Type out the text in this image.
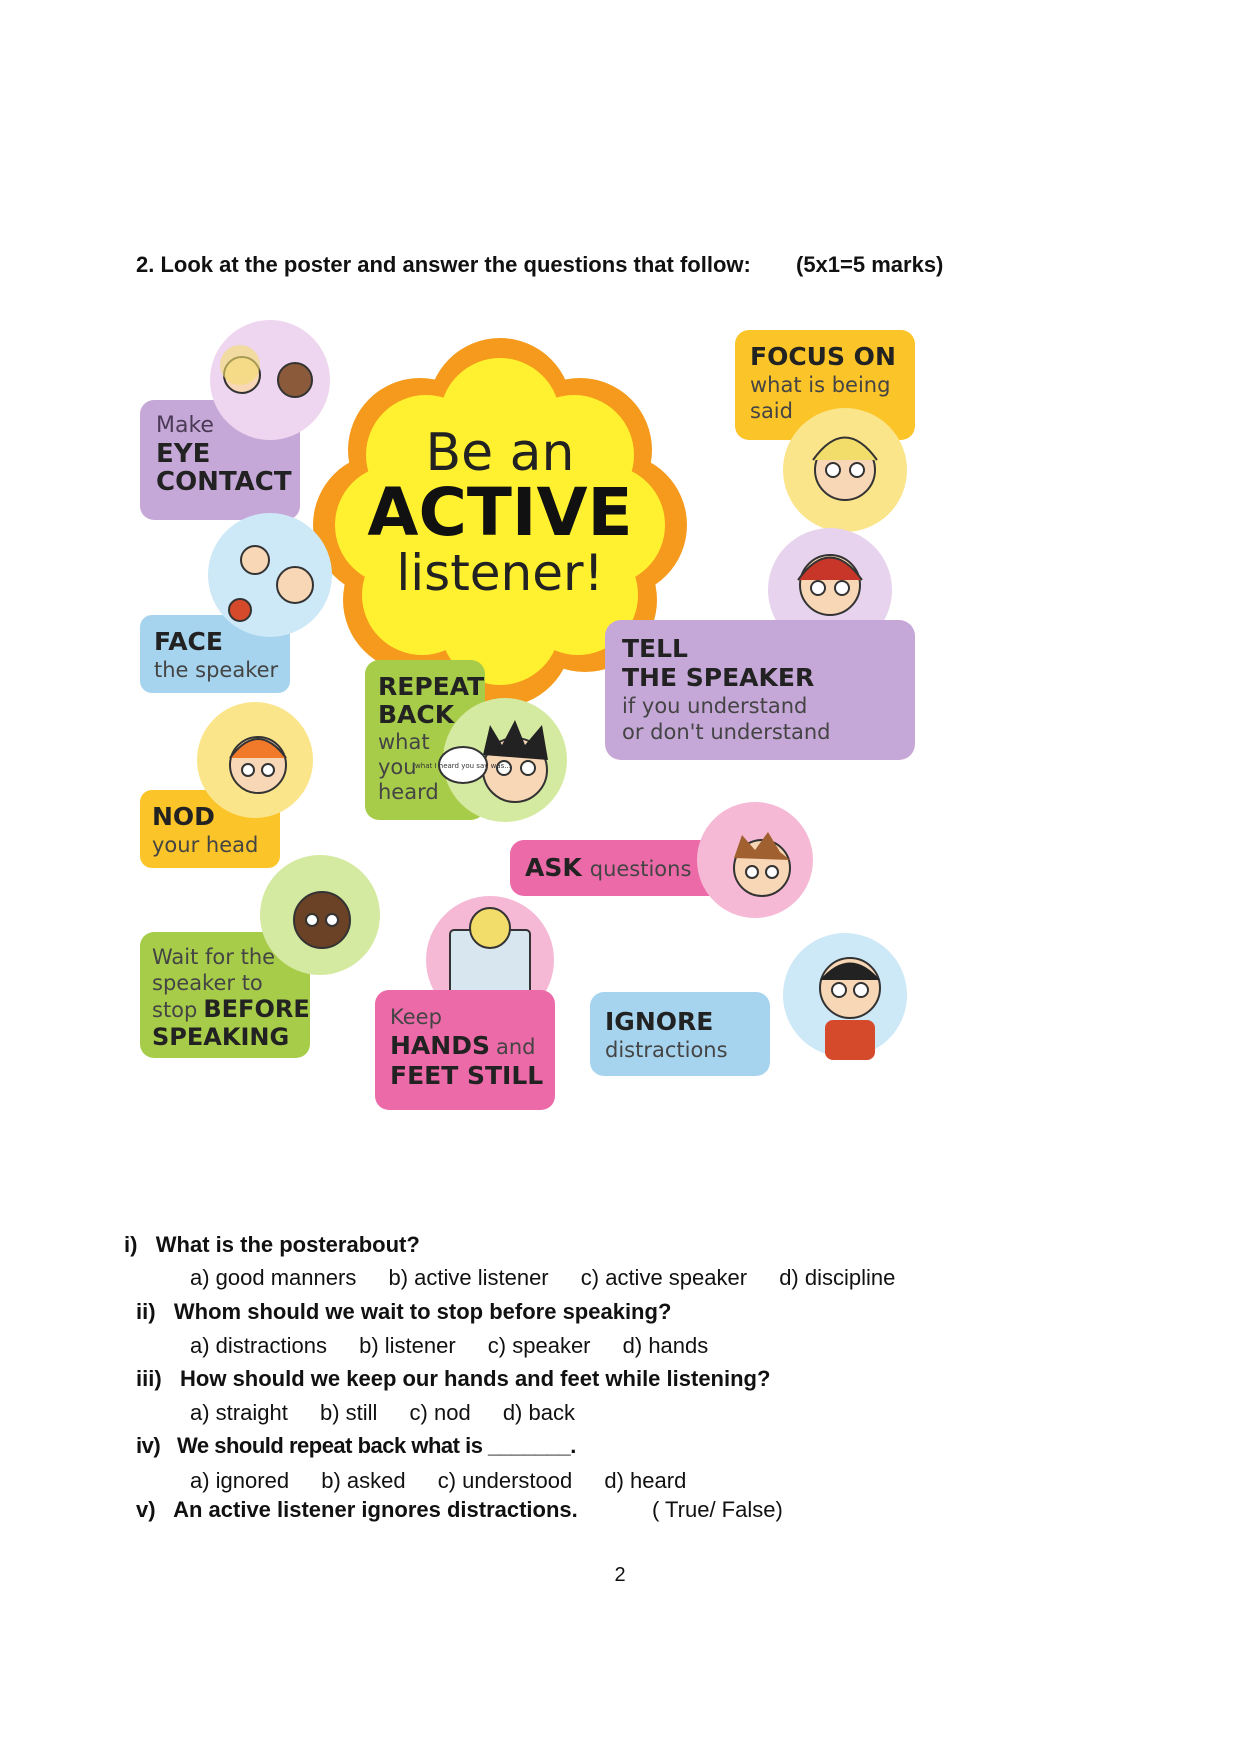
2. Look at the poster and answer the questions that follow: (5x1=5 marks)
Make
EYE
CONTACT	Be an
ACTIVE
listener!
FOCUS ON
what is being
said
FACE
the speaker
what I heard you say was...
REPEAT
BACK
what
you
heard
TELL
THE SPEAKER
if you understand
or don't understand
NOD
your head
ASK questions
Wait for the
speaker to
stop BEFORE
SPEAKING
Keep
HANDS and
FEET STILL
IGNORE
distractions
i) What is the posterabout?
a) good manners b) active listener c) active speaker d) discipline
ii) Whom should we wait to stop before speaking?
a) distractions b) listener c) speaker d) hands
iii) How should we keep our hands and feet while listening?
a) straight b) still c) nod d) back
iv) We should repeat back what is _______.
a) ignored b) asked c) understood d) heard
v) An active listener ignores distractions.	( True/ False)
2
